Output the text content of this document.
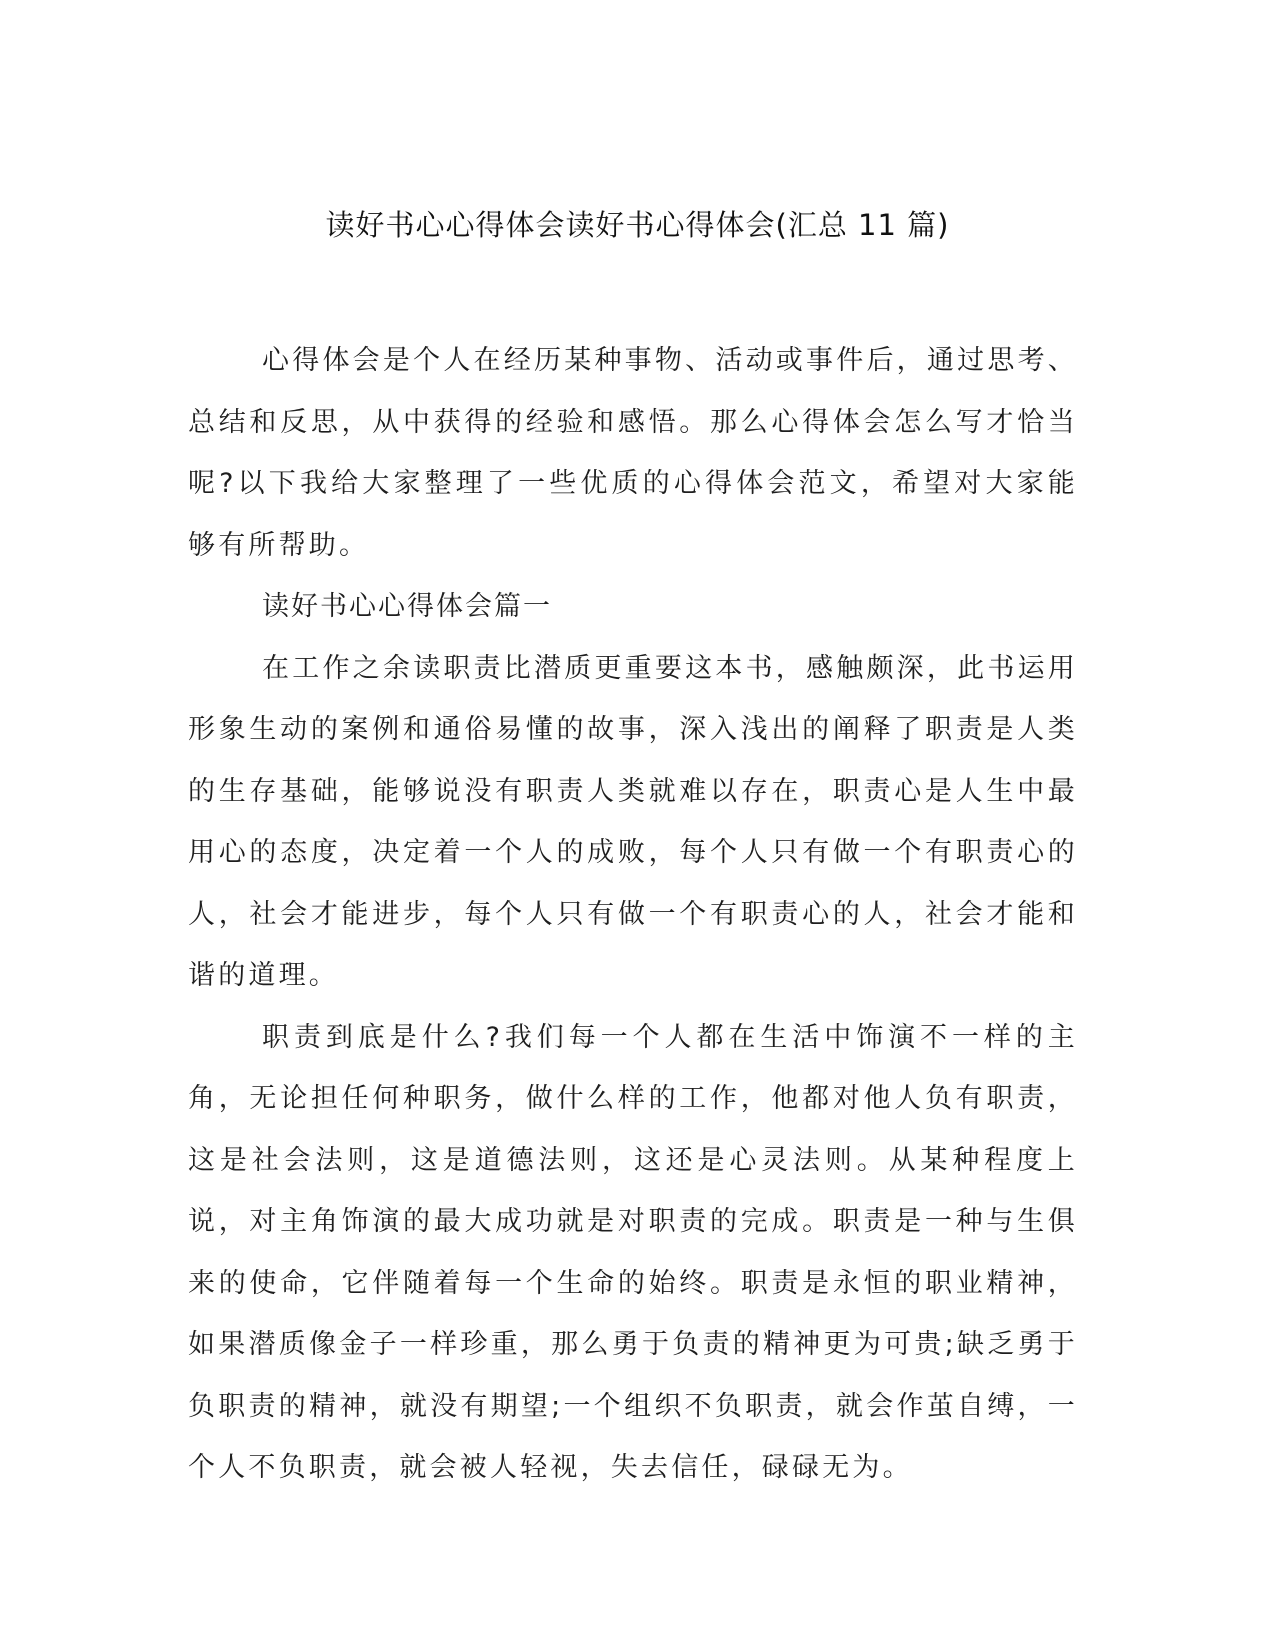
读好书心心得体会读好书心得体会(汇总 11 篇)

心得体会是个人在经历某种事物、活动或事件后，通过思考、总结和反思，从中获得的经验和感悟。那么心得体会怎么写才恰当呢?以下我给大家整理了一些优质的心得体会范文，希望对大家能够有所帮助。

读好书心心得体会篇一

在工作之余读职责比潜质更重要这本书，感触颇深，此书运用形象生动的案例和通俗易懂的故事，深入浅出的阐释了职责是人类的生存基础，能够说没有职责人类就难以存在，职责心是人生中最用心的态度，决定着一个人的成败，每个人只有做一个有职责心的人，社会才能进步，每个人只有做一个有职责心的人，社会才能和谐的道理。

职责到底是什么?我们每一个人都在生活中饰演不一样的主角，无论担任何种职务，做什么样的工作，他都对他人负有职责，这是社会法则，这是道德法则，这还是心灵法则。从某种程度上说，对主角饰演的最大成功就是对职责的完成。职责是一种与生俱来的使命，它伴随着每一个生命的始终。职责是永恒的职业精神，如果潜质像金子一样珍重，那么勇于负责的精神更为可贵;缺乏勇于负职责的精神，就没有期望;一个组织不负职责，就会作茧自缚，一个人不负职责，就会被人轻视，失去信任，碌碌无为。
